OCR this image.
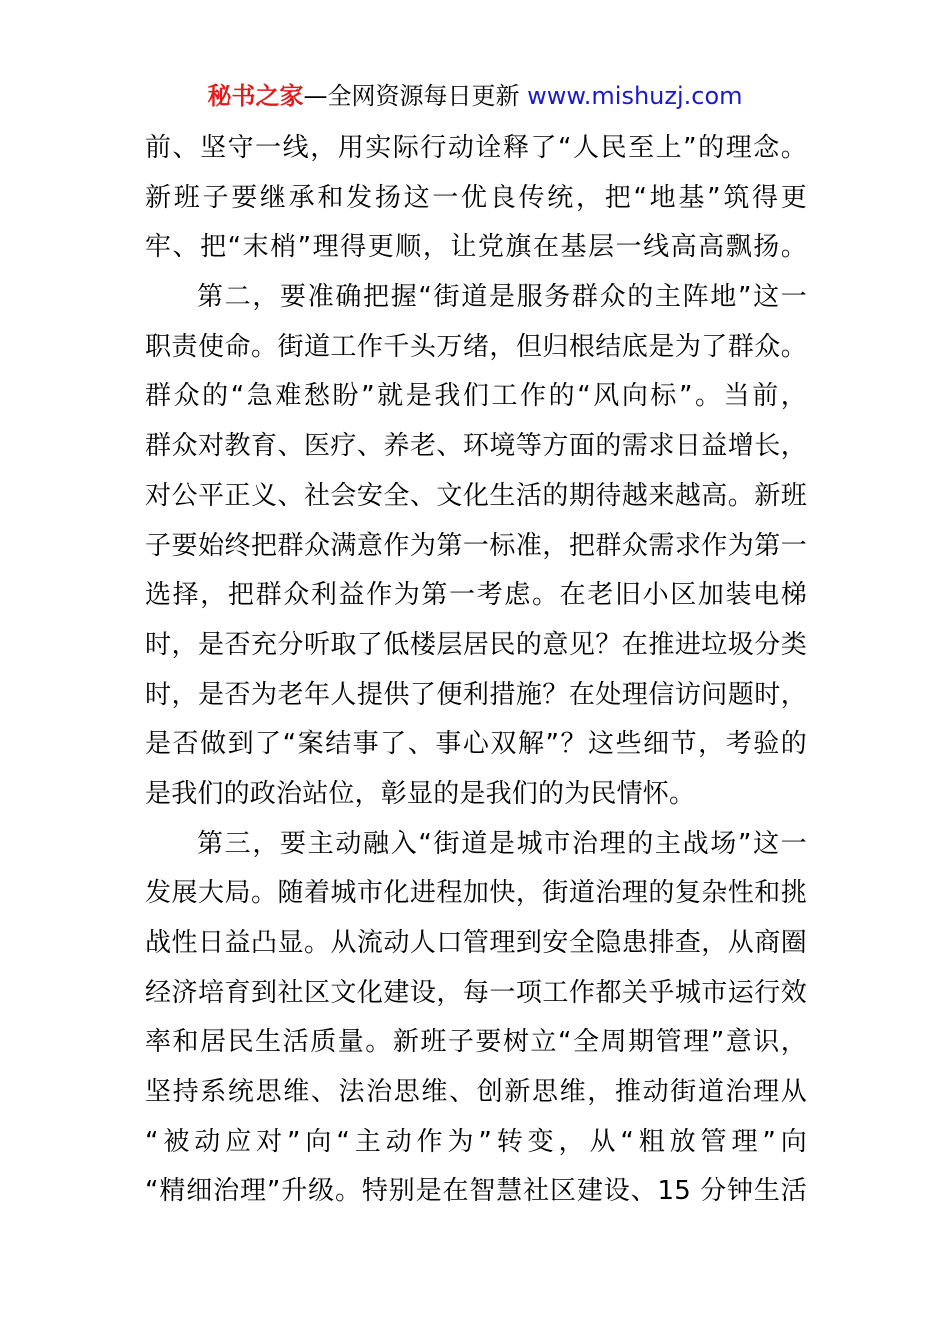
秘书之家—全网资源每日更新 www.mishuzj.com
前、坚守一线，用实际行动诠释了“人民至上”的理念。
新班子要继承和发扬这一优良传统，把“地基”筑得更
牢、把“末梢”理得更顺，让党旗在基层一线高高飘扬。
第二，要准确把握“街道是服务群众的主阵地”这一
职责使命。街道工作千头万绪，但归根结底是为了群众。
群众的“急难愁盼”就是我们工作的“风向标”。当前，
群众对教育、医疗、养老、环境等方面的需求日益增长，
对公平正义、社会安全、文化生活的期待越来越高。新班
子要始终把群众满意作为第一标准，把群众需求作为第一
选择，把群众利益作为第一考虑。在老旧小区加装电梯
时，是否充分听取了低楼层居民的意见？在推进垃圾分类
时，是否为老年人提供了便利措施？在处理信访问题时，
是否做到了“案结事了、事心双解”？这些细节，考验的
是我们的政治站位，彰显的是我们的为民情怀。
第三，要主动融入“街道是城市治理的主战场”这一
发展大局。随着城市化进程加快，街道治理的复杂性和挑
战性日益凸显。从流动人口管理到安全隐患排查，从商圈
经济培育到社区文化建设，每一项工作都关乎城市运行效
率和居民生活质量。新班子要树立“全周期管理”意识，
坚持系统思维、法治思维、创新思维，推动街道治理从
“被动应对”向“主动作为”转变，从“粗放管理”向
“精细治理”升级。特别是在智慧社区建设、15 分钟生活
